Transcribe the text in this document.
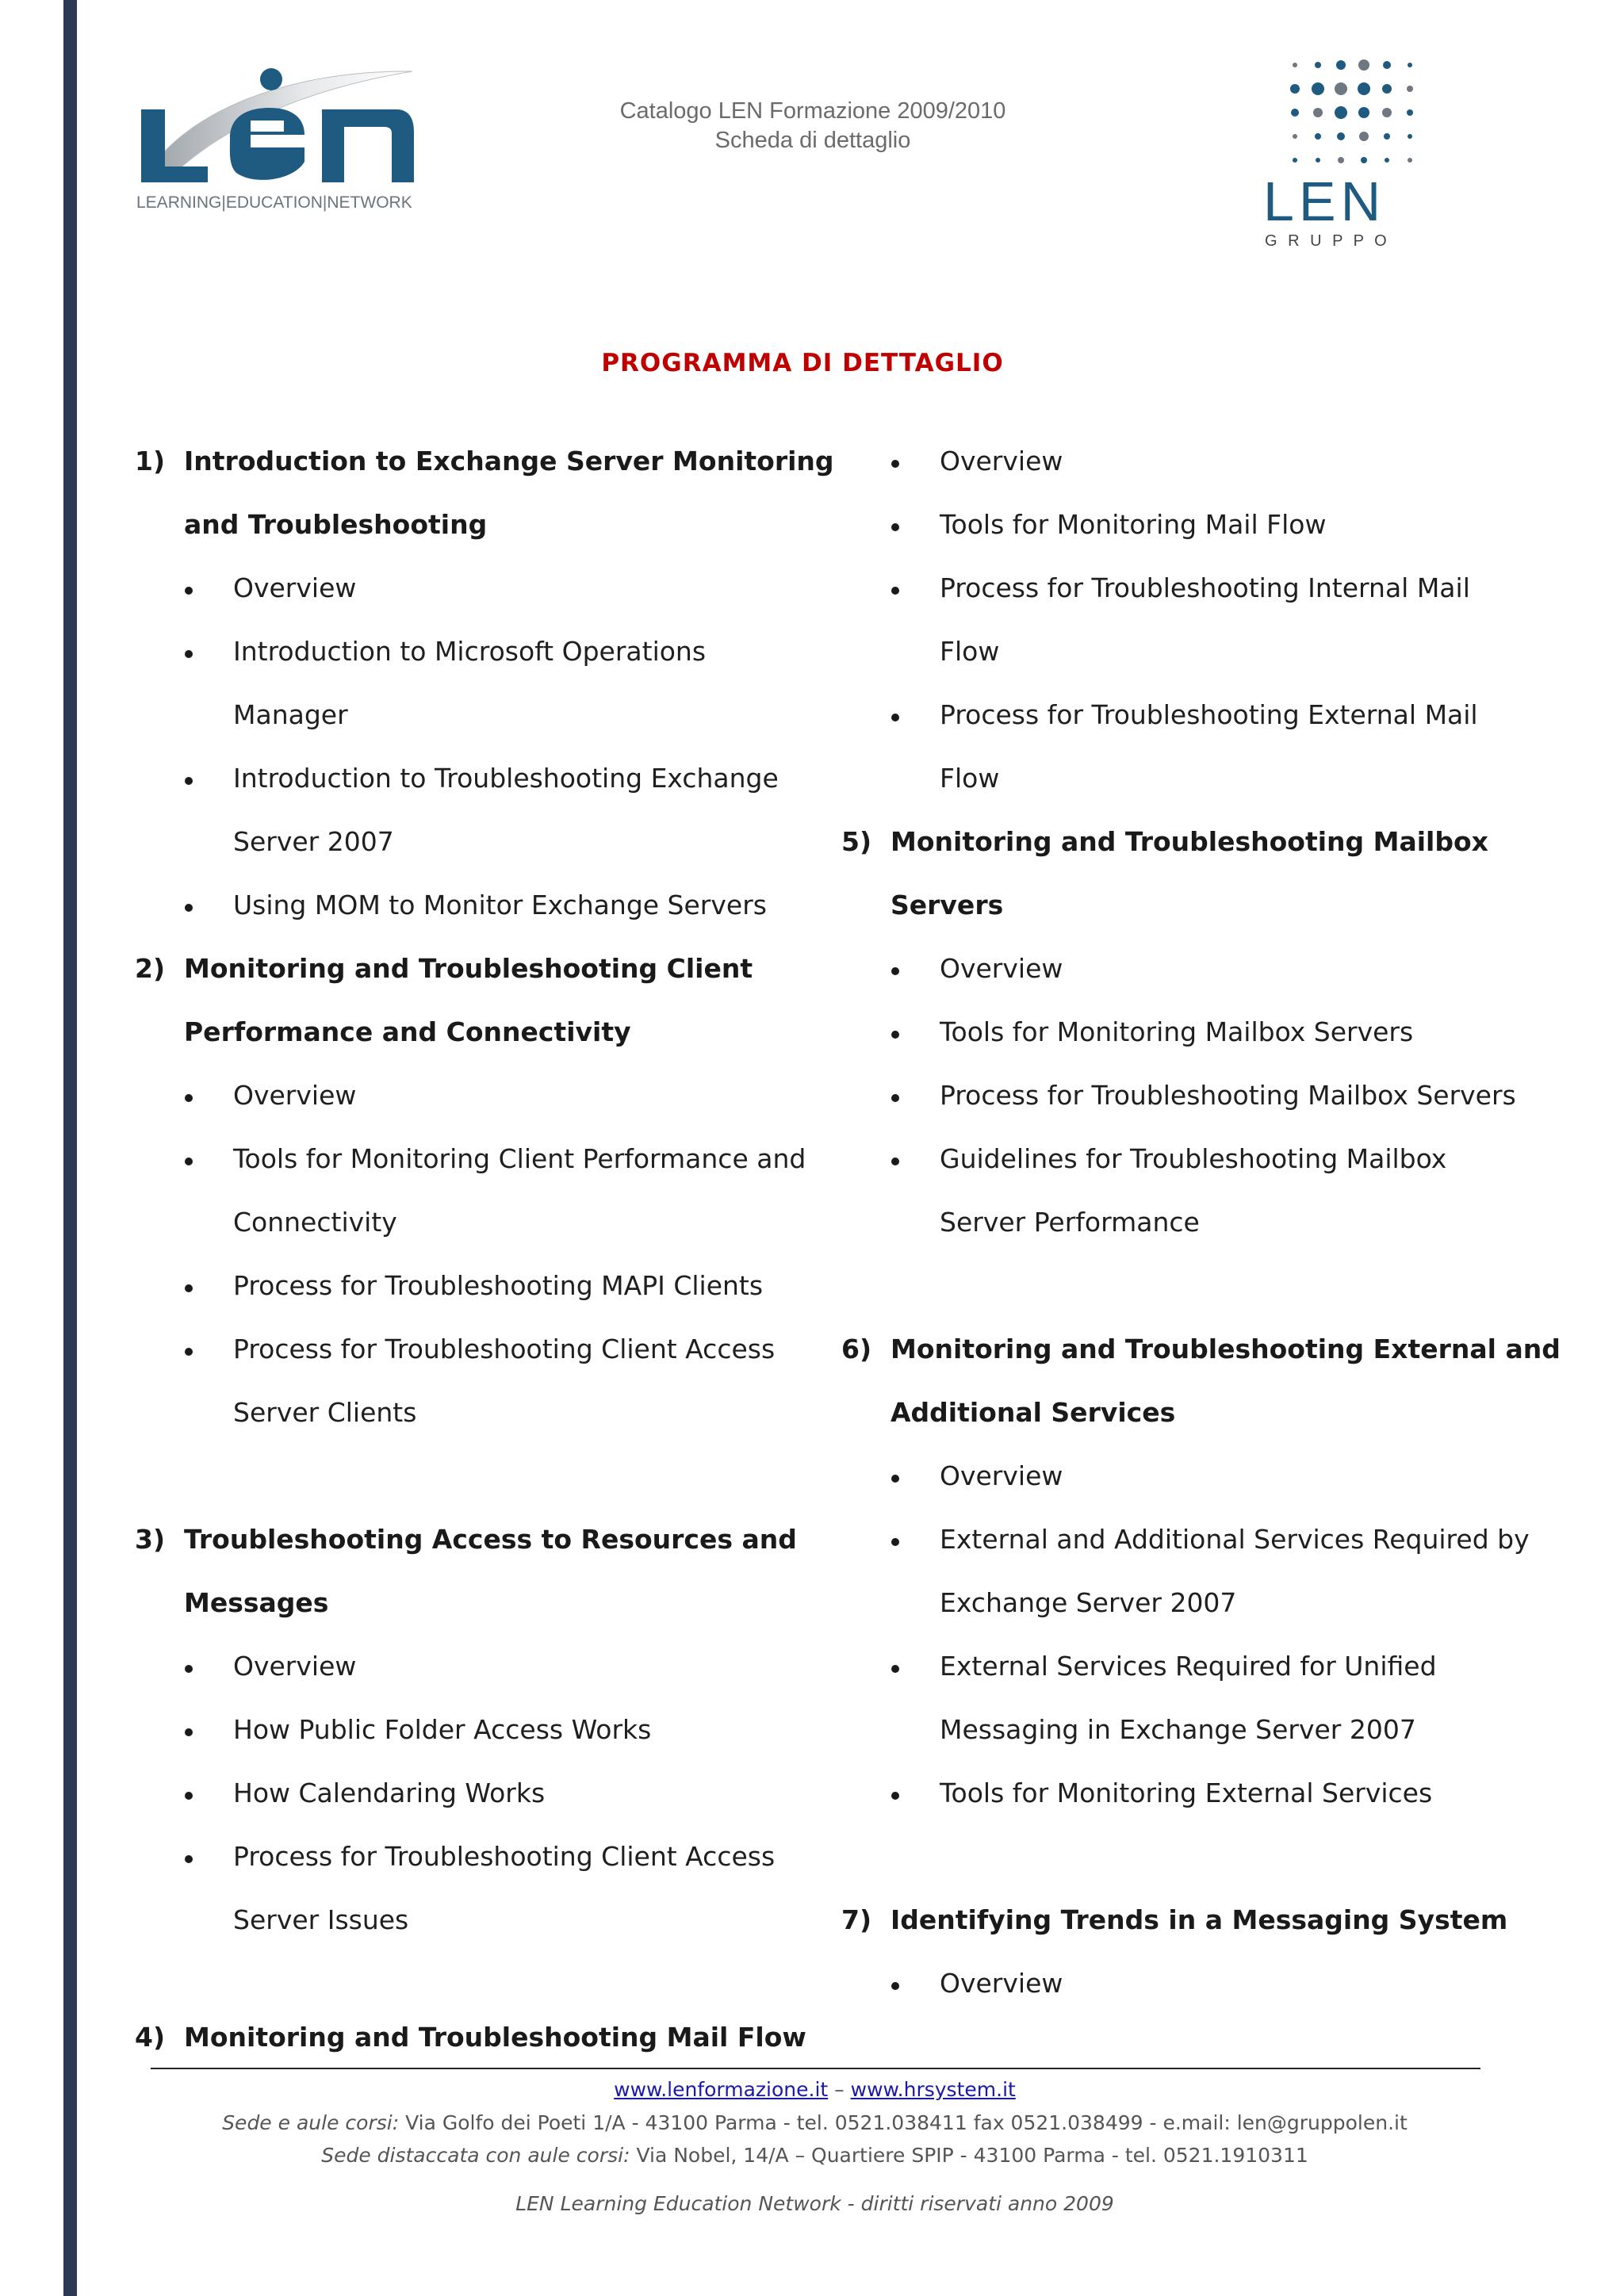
LEARNING|EDUCATION|NETWORK
Catalogo LEN Formazione 2009/2010
Scheda di dettaglio
LEN
G R U P P O
PROGRAMMA DI DETTAGLIO
1) Introduction to Exchange Server Monitoring
and Troubleshooting
Overview
Introduction to Microsoft Operations
Manager
Introduction to Troubleshooting Exchange
Server 2007
Using MOM to Monitor Exchange Servers
2) Monitoring and Troubleshooting Client
Performance and Connectivity
Overview
Tools for Monitoring Client Performance and
Connectivity
Process for Troubleshooting MAPI Clients
Process for Troubleshooting Client Access
Server Clients
3) Troubleshooting Access to Resources and
Messages
Overview
How Public Folder Access Works
How Calendaring Works
Process for Troubleshooting Client Access
Server Issues
4) Monitoring and Troubleshooting Mail Flow
Overview
Tools for Monitoring Mail Flow
Process for Troubleshooting Internal Mail
Flow
Process for Troubleshooting External Mail
Flow
5) Monitoring and Troubleshooting Mailbox
Servers
Overview
Tools for Monitoring Mailbox Servers
Process for Troubleshooting Mailbox Servers
Guidelines for Troubleshooting Mailbox
Server Performance
6) Monitoring and Troubleshooting External and
Additional Services
Overview
External and Additional Services Required by
Exchange Server 2007
External Services Required for Unified
Messaging in Exchange Server 2007
Tools for Monitoring External Services
7) Identifying Trends in a Messaging System
Overview
www.lenformazione.it – www.hrsystem.it
Sede e aule corsi: Via Golfo dei Poeti 1/A - 43100 Parma - tel. 0521.038411 fax 0521.038499 - e.mail: len@gruppolen.it
Sede distaccata con aule corsi: Via Nobel, 14/A – Quartiere SPIP - 43100 Parma - tel. 0521.1910311
LEN Learning Education Network - diritti riservati anno 2009
